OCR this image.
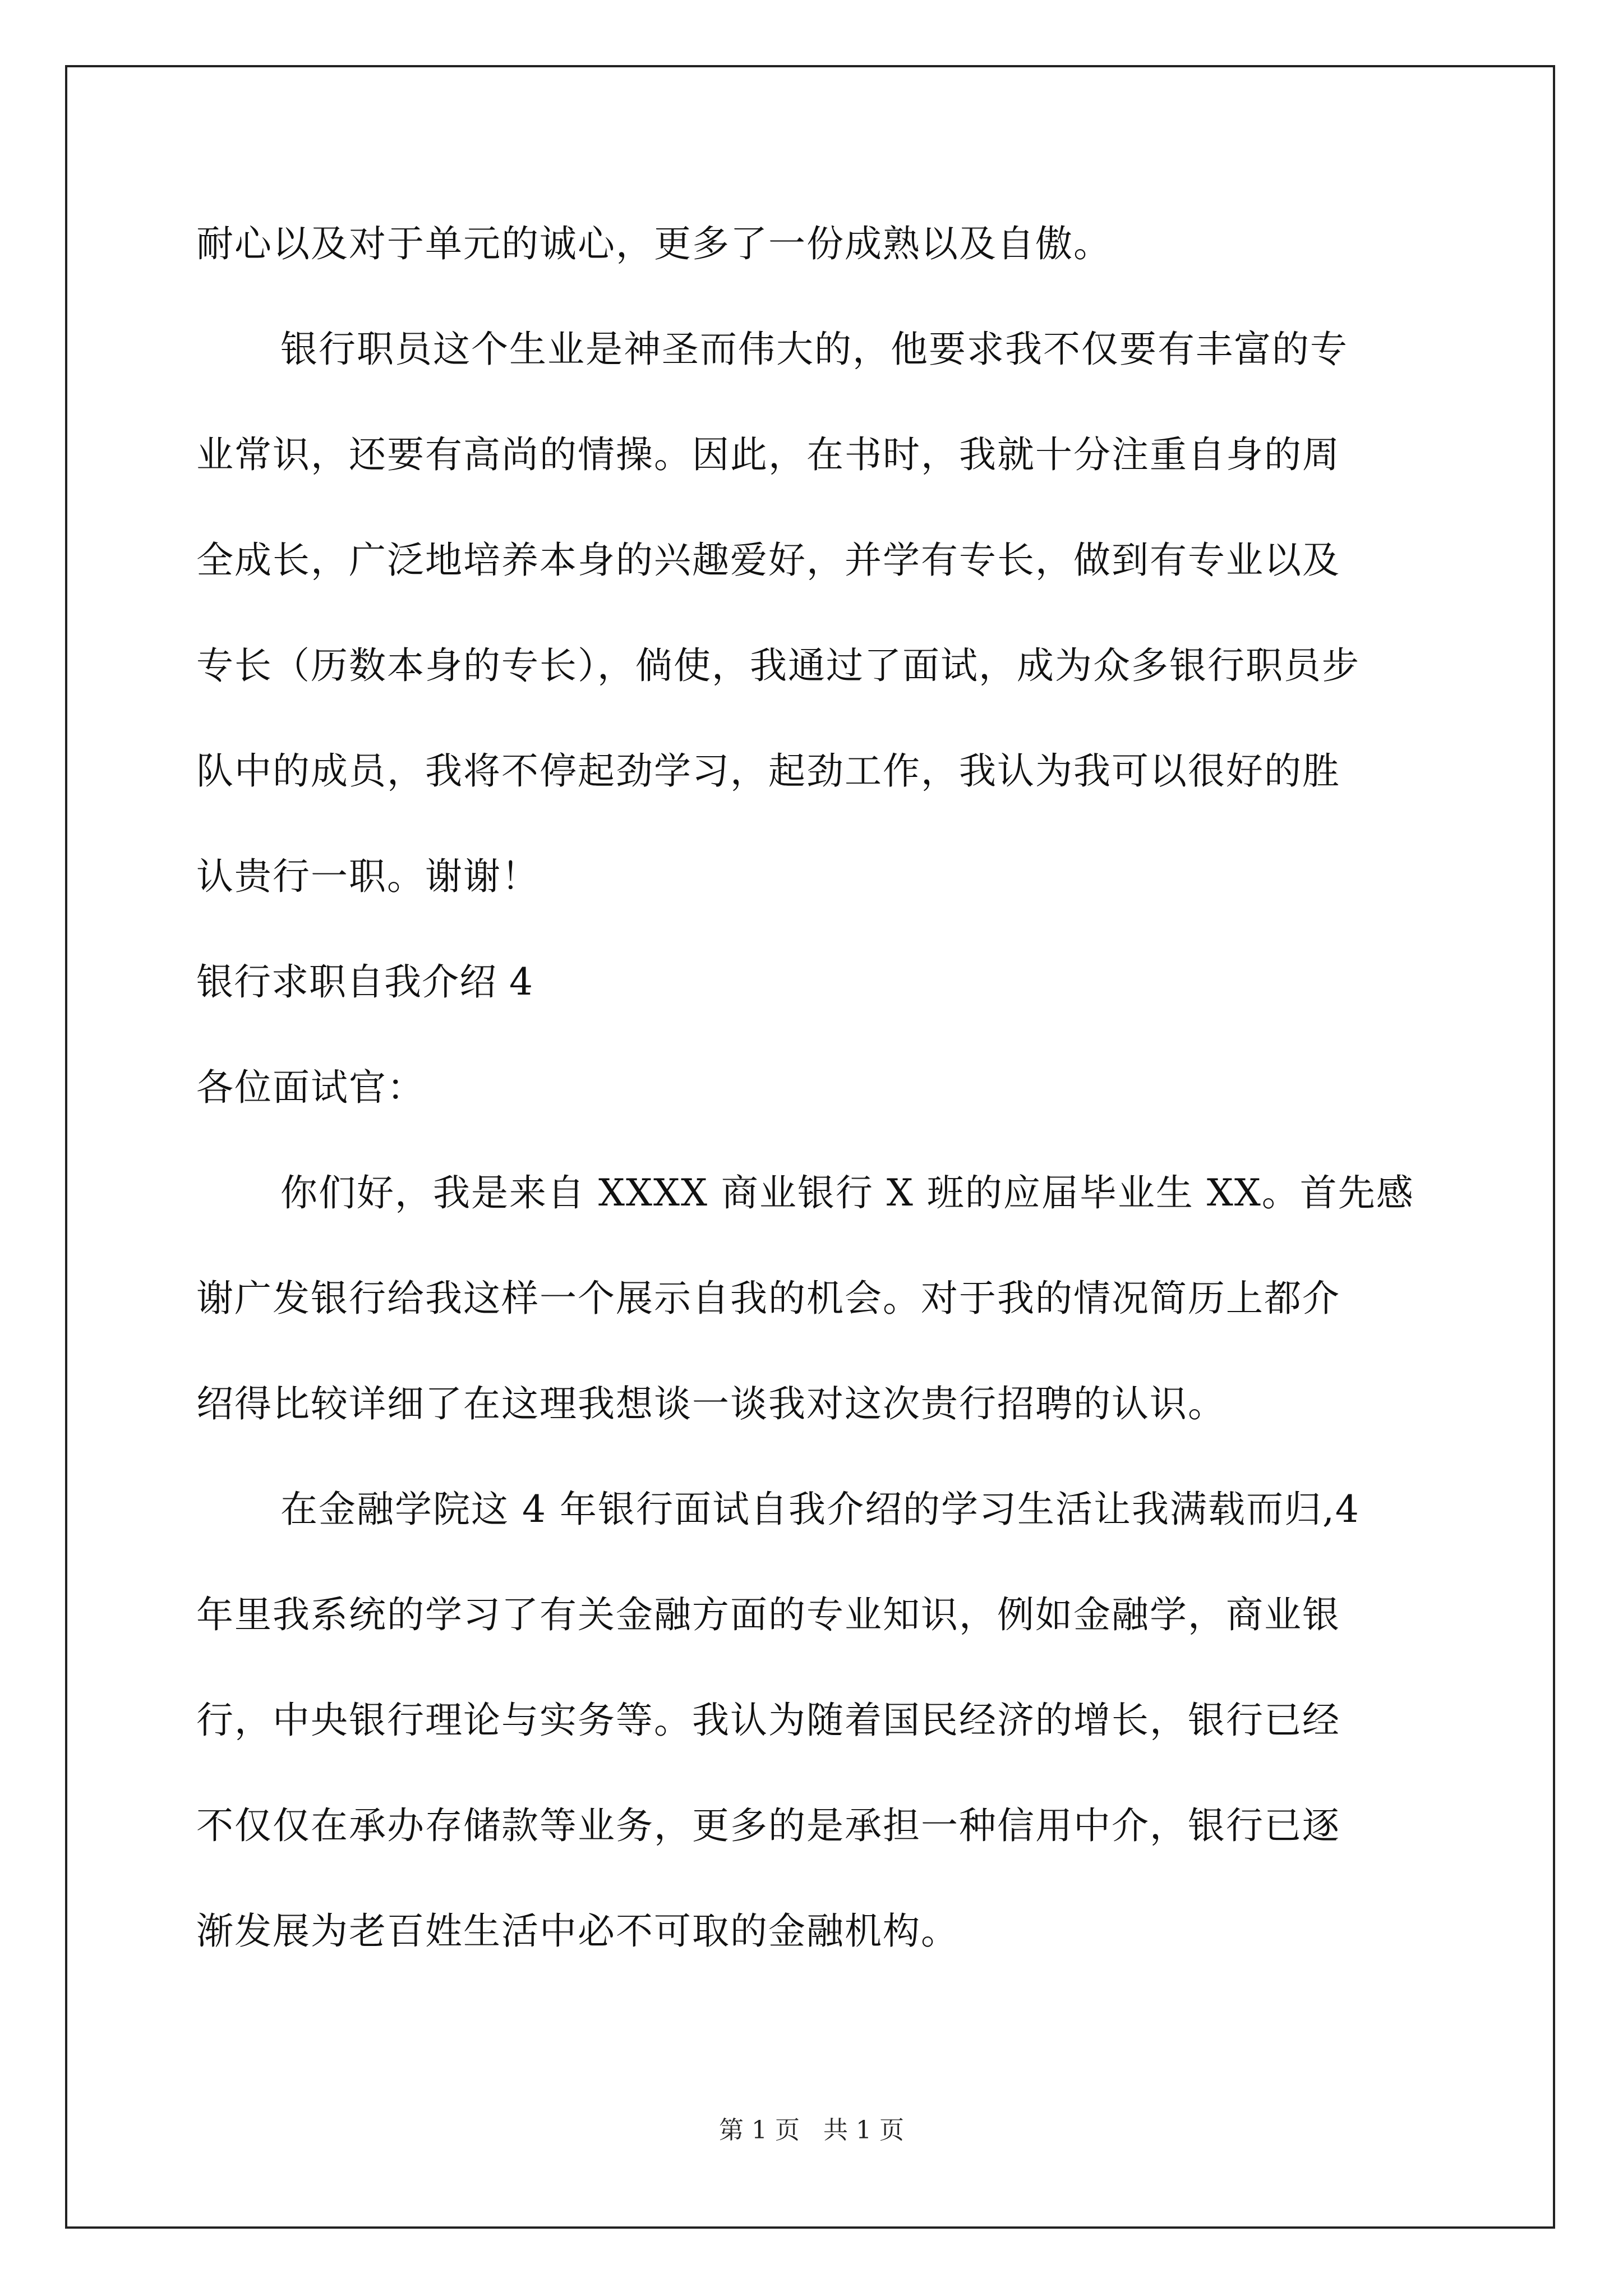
耐心以及对于单元的诚心，更多了一份成熟以及自傲。
银行职员这个生业是神圣而伟大的，他要求我不仅要有丰富的专
业常识，还要有高尚的情操。因此，在书时，我就十分注重自身的周
全成长，广泛地培养本身的兴趣爱好，并学有专长，做到有专业以及
专长（历数本身的专长），倘使，我通过了面试，成为众多银行职员步
队中的成员，我将不停起劲学习，起劲工作，我认为我可以很好的胜
认贵行一职。谢谢！
银行求职自我介绍 4
各位面试官：
你们好，我是来自 XXXX 商业银行 X 班的应届毕业生 XX。首先感
谢广发银行给我这样一个展示自我的机会。对于我的情况简历上都介
绍得比较详细了在这理我想谈一谈我对这次贵行招聘的认识。
在金融学院这 4 年银行面试自我介绍的学习生活让我满载而归,4
年里我系统的学习了有关金融方面的专业知识，例如金融学，商业银
行，中央银行理论与实务等。我认为随着国民经济的增长，银行已经
不仅仅在承办存储款等业务，更多的是承担一种信用中介，银行已逐
渐发展为老百姓生活中必不可取的金融机构。
第 1 页 共 1 页
